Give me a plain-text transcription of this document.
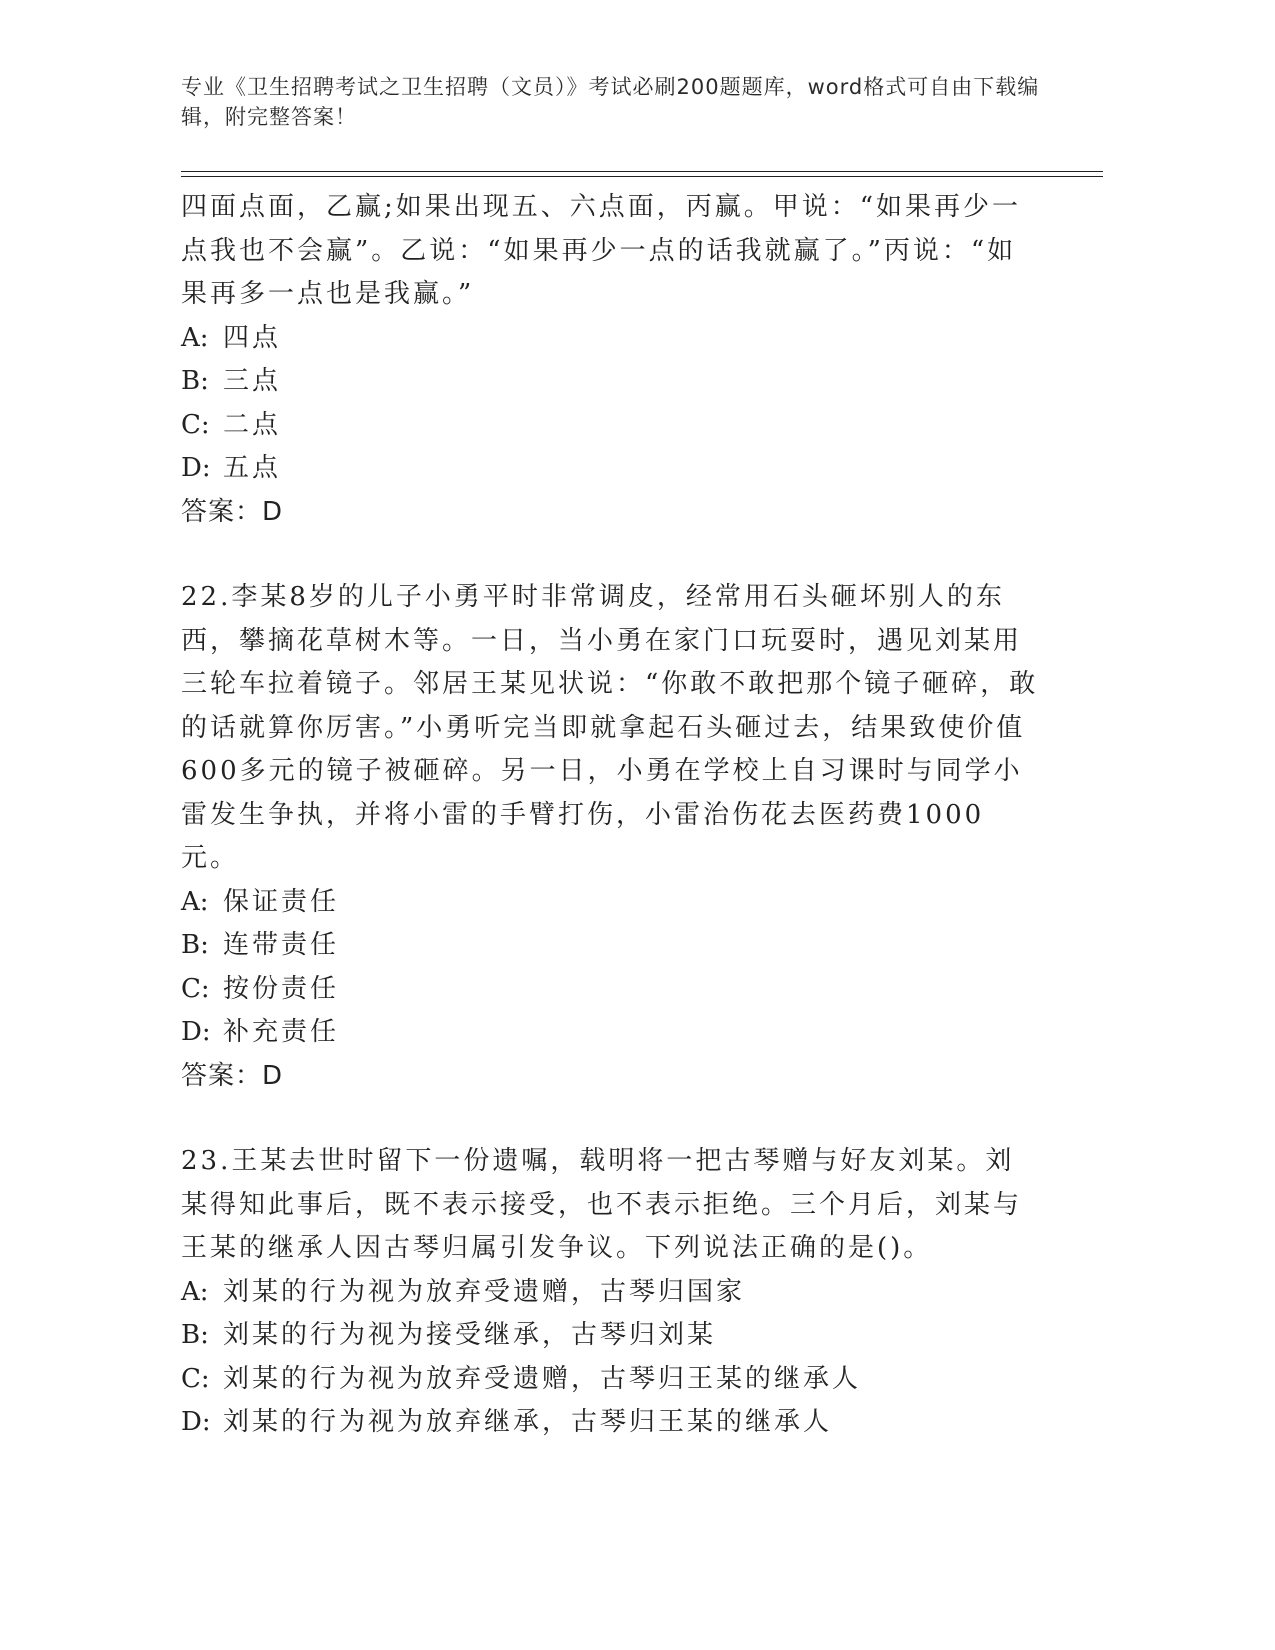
专业《卫生招聘考试之卫生招聘（文员）》考试必刷200题题库，word格式可自由下载编辑，附完整答案！

四面点面，乙赢;如果出现五、六点面，丙赢。甲说：“如果再少一点我也不会赢”。乙说：“如果再少一点的话我就赢了。”丙说：“如果再多一点也是我赢。”

A: 四点
B: 三点
C: 二点
D: 五点
答案：D

22.李某8岁的儿子小勇平时非常调皮，经常用石头砸坏别人的东西，攀摘花草树木等。一日，当小勇在家门口玩耍时，遇见刘某用三轮车拉着镜子。邻居王某见状说：“你敢不敢把那个镜子砸碎，敢的话就算你厉害。”小勇听完当即就拿起石头砸过去，结果致使价值600多元的镜子被砸碎。另一日，小勇在学校上自习课时与同学小雷发生争执，并将小雷的手臂打伤，小雷治伤花去医药费1000元。

A: 保证责任
B: 连带责任
C: 按份责任
D: 补充责任
答案：D

23.王某去世时留下一份遗嘱，载明将一把古琴赠与好友刘某。刘某得知此事后，既不表示接受，也不表示拒绝。三个月后，刘某与王某的继承人因古琴归属引发争议。下列说法正确的是()。

A: 刘某的行为视为放弃受遗赠，古琴归国家
B: 刘某的行为视为接受继承，古琴归刘某
C: 刘某的行为视为放弃受遗赠，古琴归王某的继承人
D: 刘某的行为视为放弃继承，古琴归王某的继承人
